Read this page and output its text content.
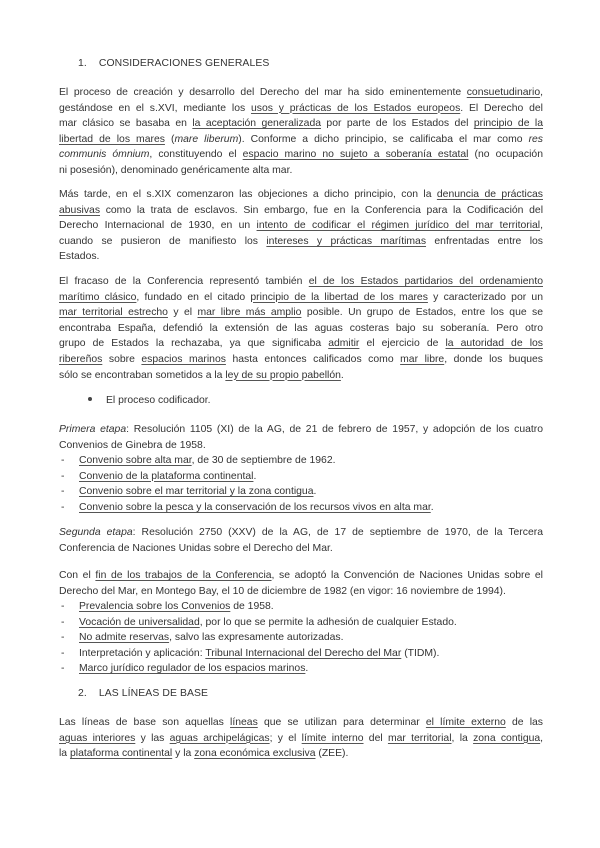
1. CONSIDERACIONES GENERALES
El proceso de creación y desarrollo del Derecho del mar ha sido eminentemente consuetudinario,
gestándose en el s.XVI, mediante los usos y prácticas de los Estados europeos. El Derecho del
mar clásico se basaba en la aceptación generalizada por parte de los Estados del principio de la
libertad de los mares (mare liberum). Conforme a dicho principio, se calificaba el mar como res
communis ómnium, constituyendo el espacio marino no sujeto a soberanía estatal (no ocupación
ni posesión), denominado genéricamente alta mar.
Más tarde, en el s.XIX comenzaron las objeciones a dicho principio, con la denuncia de prácticas
abusivas como la trata de esclavos. Sin embargo, fue en la Conferencia para la Codificación del
Derecho Internacional de 1930, en un intento de codificar el régimen jurídico del mar territorial,
cuando se pusieron de manifiesto los intereses y prácticas marítimas enfrentadas entre los
Estados.
El fracaso de la Conferencia representó también el de los Estados partidarios del ordenamiento
marítimo clásico, fundado en el citado principio de la libertad de los mares y caracterizado por un
mar territorial estrecho y el mar libre más amplio posible. Un grupo de Estados, entre los que se
encontraba España, defendió la extensión de las aguas costeras bajo su soberanía. Pero otro
grupo de Estados la rechazaba, ya que significaba admitir el ejercicio de la autoridad de los
ribereños sobre espacios marinos hasta entonces calificados como mar libre, donde los buques
sólo se encontraban sometidos a la ley de su propio pabellón.
El proceso codificador.
Primera etapa: Resolución 1105 (XI) de la AG, de 21 de febrero de 1957, y adopción de los cuatro
Convenios de Ginebra de 1958.
- Convenio sobre alta mar, de 30 de septiembre de 1962.
- Convenio de la plataforma continental.
- Convenio sobre el mar territorial y la zona contigua.
- Convenio sobre la pesca y la conservación de los recursos vivos en alta mar.
Segunda etapa: Resolución 2750 (XXV) de la AG, de 17 de septiembre de 1970, de la Tercera
Conferencia de Naciones Unidas sobre el Derecho del Mar.
Con el fin de los trabajos de la Conferencia, se adoptó la Convención de Naciones Unidas sobre el
Derecho del Mar, en Montego Bay, el 10 de diciembre de 1982 (en vigor: 16 noviembre de 1994).
- Prevalencia sobre los Convenios de 1958.
- Vocación de universalidad, por lo que se permite la adhesión de cualquier Estado.
- No admite reservas, salvo las expresamente autorizadas.
- Interpretación y aplicación: Tribunal Internacional del Derecho del Mar (TIDM).
- Marco jurídico regulador de los espacios marinos.
2. LAS LÍNEAS DE BASE
Las líneas de base son aquellas líneas que se utilizan para determinar el límite externo de las
aguas interiores y las aguas archipelágicas; y el límite interno del mar territorial, la zona contigua,
la plataforma continental y la zona económica exclusiva (ZEE).
